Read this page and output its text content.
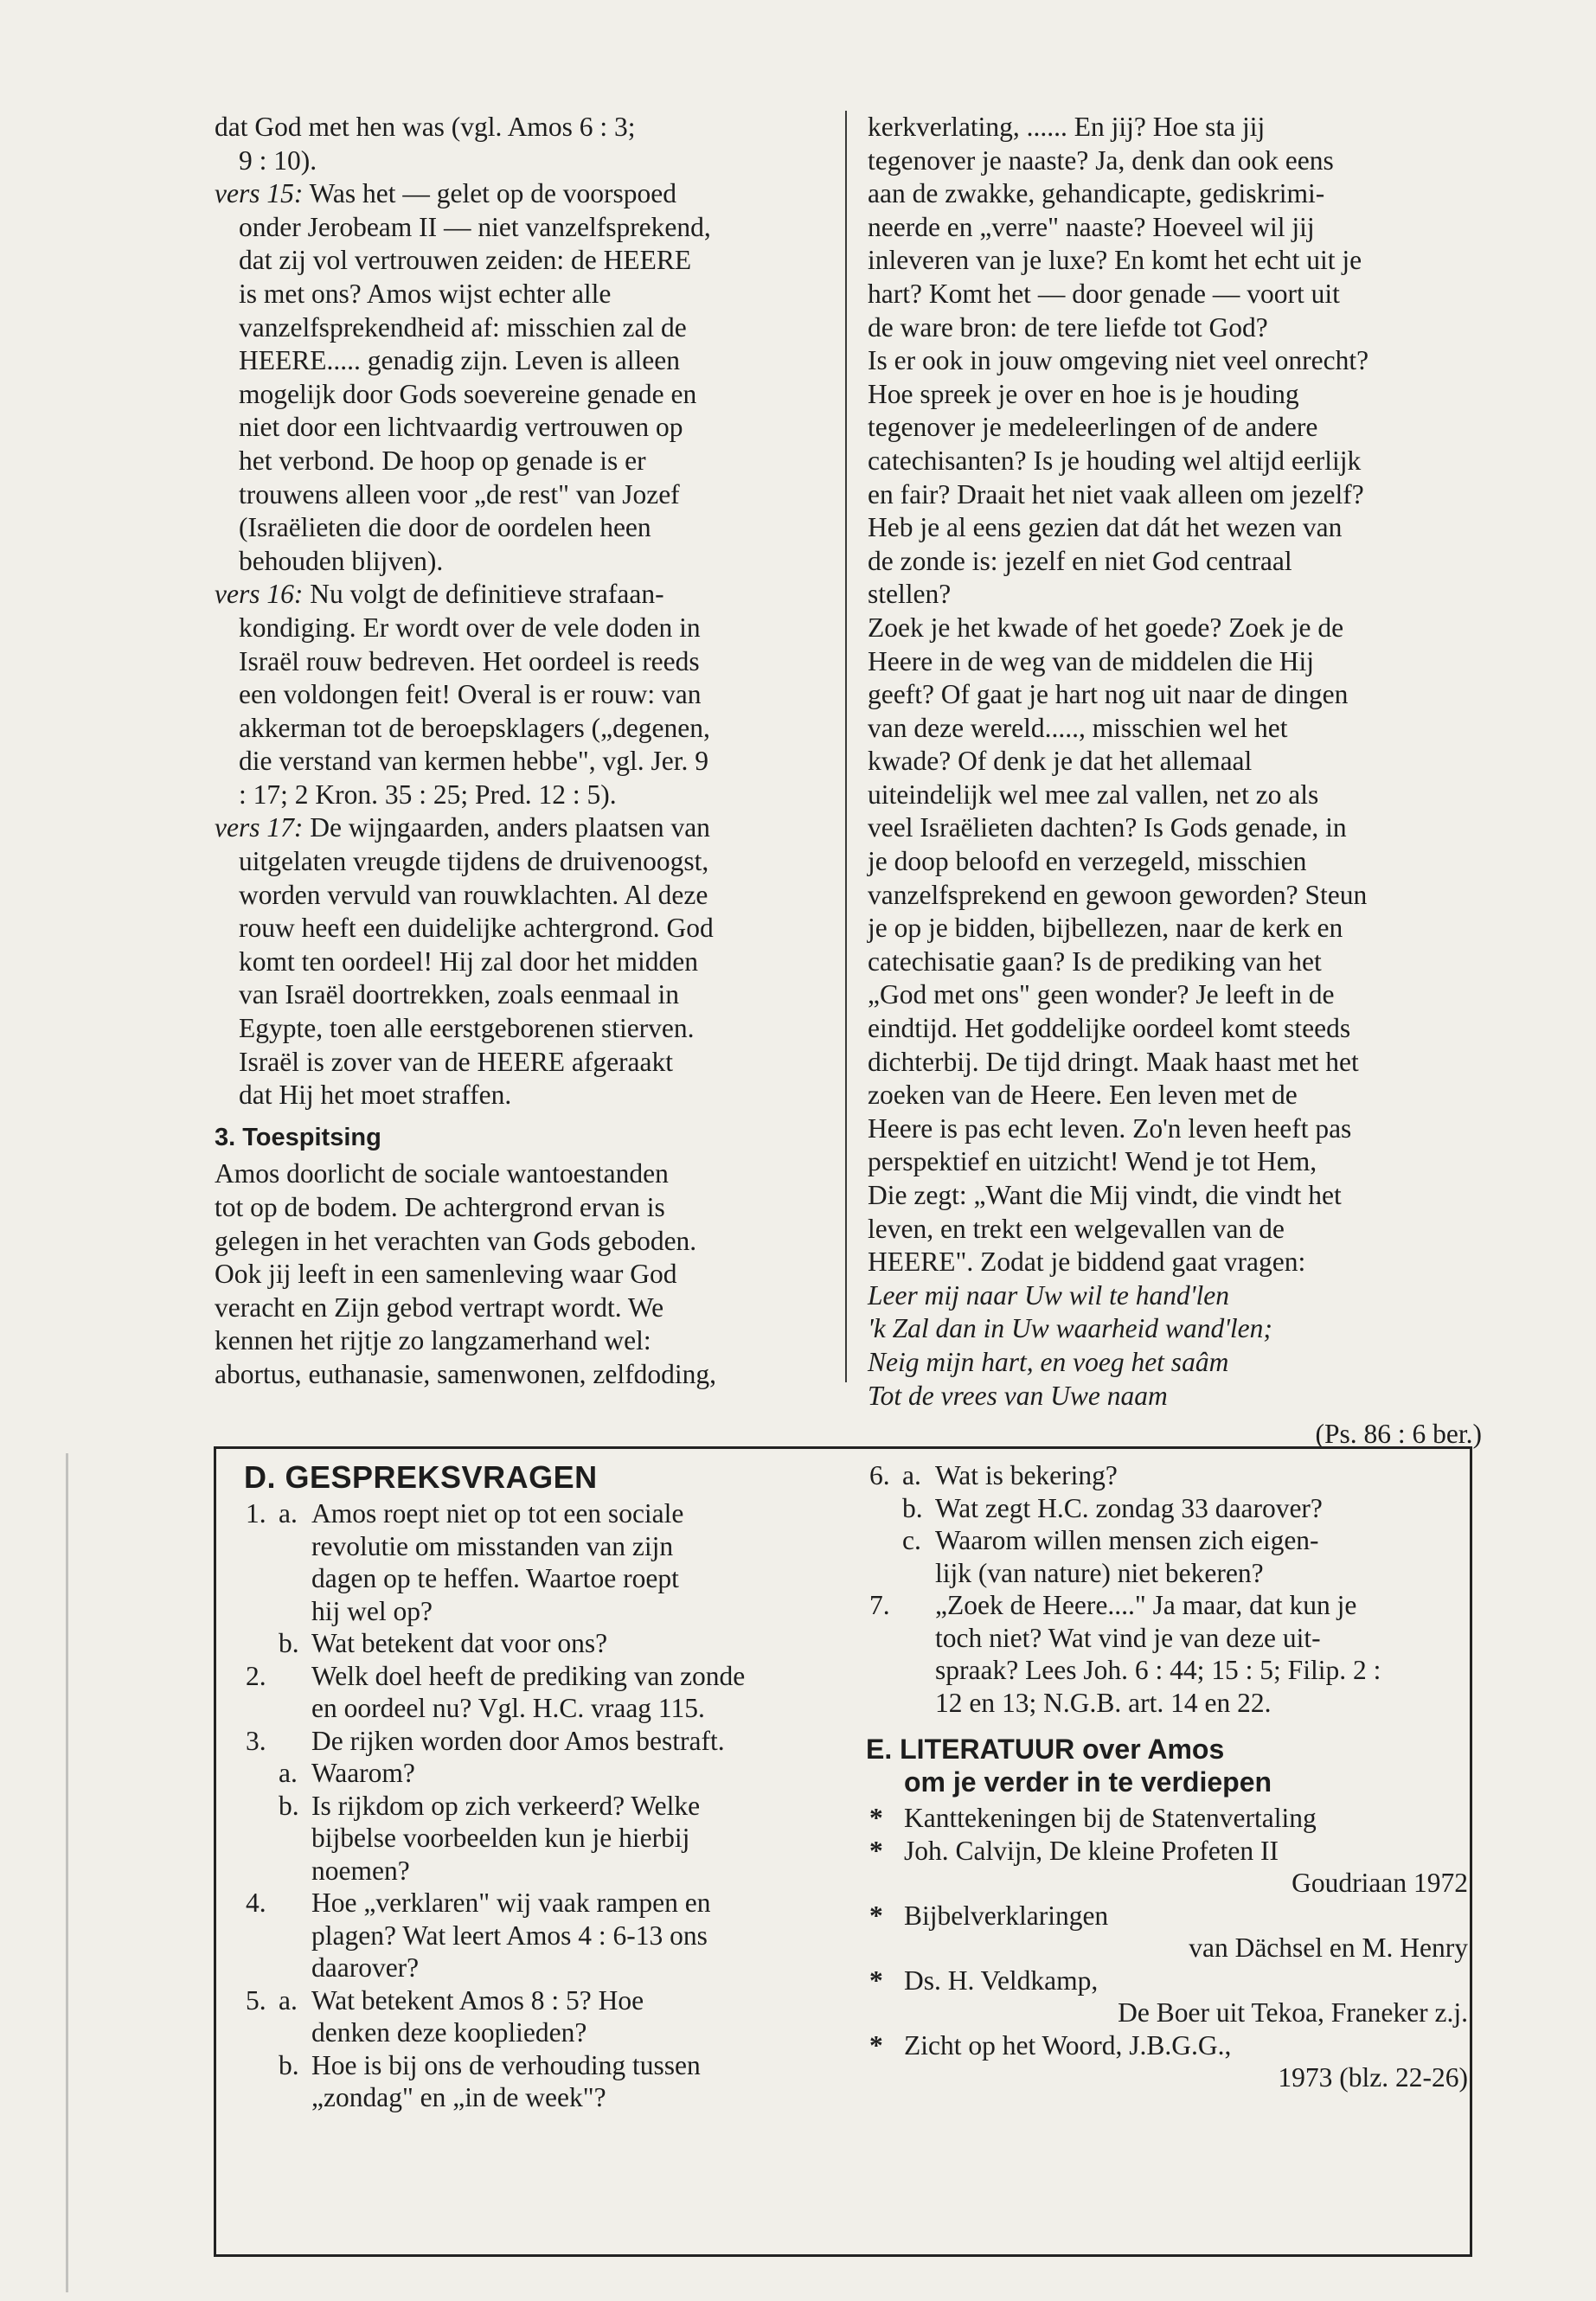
dat God met hen was (vgl. Amos 6 : 3;
9 : 10).

vers 15: Was het — gelet op de voorspoed
onder Jerobeam II — niet vanzelfsprekend,
dat zij vol vertrouwen zeiden: de HEERE
is met ons? Amos wijst echter alle
vanzelfsprekendheid af: misschien zal de
HEERE..... genadig zijn. Leven is alleen
mogelijk door Gods soevereine genade en
niet door een lichtvaardig vertrouwen op
het verbond. De hoop op genade is er
trouwens alleen voor „de rest" van Jozef
(Israëlieten die door de oordelen heen
behouden blijven).

vers 16: Nu volgt de definitieve strafaan-
kondiging. Er wordt over de vele doden in
Israël rouw bedreven. Het oordeel is reeds
een voldongen feit! Overal is er rouw: van
akkerman tot de beroepsklagers („degenen,
die verstand van kermen hebbe", vgl. Jer. 9
: 17; 2 Kron. 35 : 25; Pred. 12 : 5).

vers 17: De wijngaarden, anders plaatsen van
uitgelaten vreugde tijdens de druivenoogst,
worden vervuld van rouwklachten. Al deze
rouw heeft een duidelijke achtergrond. God
komt ten oordeel! Hij zal door het midden
van Israël doortrekken, zoals eenmaal in
Egypte, toen alle eerstgeborenen stierven.
Israël is zover van de HEERE afgeraakt
dat Hij het moet straffen.

3. Toespitsing

Amos doorlicht de sociale wantoestanden
tot op de bodem. De achtergrond ervan is
gelegen in het verachten van Gods geboden.
Ook jij leeft in een samenleving waar God
veracht en Zijn gebod vertrapt wordt. We
kennen het rijtje zo langzamerhand wel:
abortus, euthanasie, samenwonen, zelfdoding,

kerkverlating, ...... En jij? Hoe sta jij
tegenover je naaste? Ja, denk dan ook eens
aan de zwakke, gehandicapte, gediskrimi-
neerde en „verre" naaste? Hoeveel wil jij
inleveren van je luxe? En komt het echt uit je
hart? Komt het — door genade — voort uit
de ware bron: de tere liefde tot God?
Is er ook in jouw omgeving niet veel onrecht?
Hoe spreek je over en hoe is je houding
tegenover je medeleerlingen of de andere
catechisanten? Is je houding wel altijd eerlijk
en fair? Draait het niet vaak alleen om jezelf?
Heb je al eens gezien dat dát het wezen van
de zonde is: jezelf en niet God centraal
stellen?
Zoek je het kwade of het goede? Zoek je de
Heere in de weg van de middelen die Hij
geeft? Of gaat je hart nog uit naar de dingen
van deze wereld....., misschien wel het
kwade? Of denk je dat het allemaal
uiteindelijk wel mee zal vallen, net zo als
veel Israëlieten dachten? Is Gods genade, in
je doop beloofd en verzegeld, misschien
vanzelfsprekend en gewoon geworden? Steun
je op je bidden, bijbellezen, naar de kerk en
catechisatie gaan? Is de prediking van het
„God met ons" geen wonder? Je leeft in de
eindtijd. Het goddelijke oordeel komt steeds
dichterbij. De tijd dringt. Maak haast met het
zoeken van de Heere. Een leven met de
Heere is pas echt leven. Zo'n leven heeft pas
perspektief en uitzicht! Wend je tot Hem,
Die zegt: „Want die Mij vindt, die vindt het
leven, en trekt een welgevallen van de
HEERE". Zodat je biddend gaat vragen:

Leer mij naar Uw wil te hand'len
'k Zal dan in Uw waarheid wand'len;
Neig mijn hart, en voeg het saâm
Tot de vrees van Uwe naam

(Ps. 86 : 6 ber.)

D. GESPREKSVRAGEN
1. a. Amos roept niet op tot een sociale
revolutie om misstanden van zijn
dagen op te heffen. Waartoe roept
hij wel op?
b. Wat betekent dat voor ons?
2.	Welk doel heeft de prediking van zonde
en oordeel nu? Vgl. H.C. vraag 115.
3.	De rijken worden door Amos bestraft.
a. Waarom?
b. Is rijkdom op zich verkeerd? Welke
bijbelse voorbeelden kun je hierbij
noemen?
4.	Hoe „verklaren" wij vaak rampen en
plagen? Wat leert Amos 4 : 6-13 ons
daarover?
5. a. Wat betekent Amos 8 : 5? Hoe
denken deze kooplieden?
b. Hoe is bij ons de verhouding tussen
„zondag" en „in de week"?
6. a. Wat is bekering?
b. Wat zegt H.C. zondag 33 daarover?
c. Waarom willen mensen zich eigen-
lijk (van nature) niet bekeren?
7.	„Zoek de Heere...." Ja maar, dat kun je
toch niet? Wat vind je van deze uit-
spraak? Lees Joh. 6 : 44; 15 : 5; Filip. 2 :
12 en 13; N.G.B. art. 14 en 22.
E. LITERATUUR over Amos
om je verder in te verdiepen
* Kanttekeningen bij de Statenvertaling
* Joh. Calvijn, De kleine Profeten II
Goudriaan 1972
* Bijbelverklaringen
van Dächsel en M. Henry
* Ds. H. Veldkamp,
De Boer uit Tekoa, Franeker z.j.
* Zicht op het Woord, J.B.G.G.,
1973 (blz. 22-26)
